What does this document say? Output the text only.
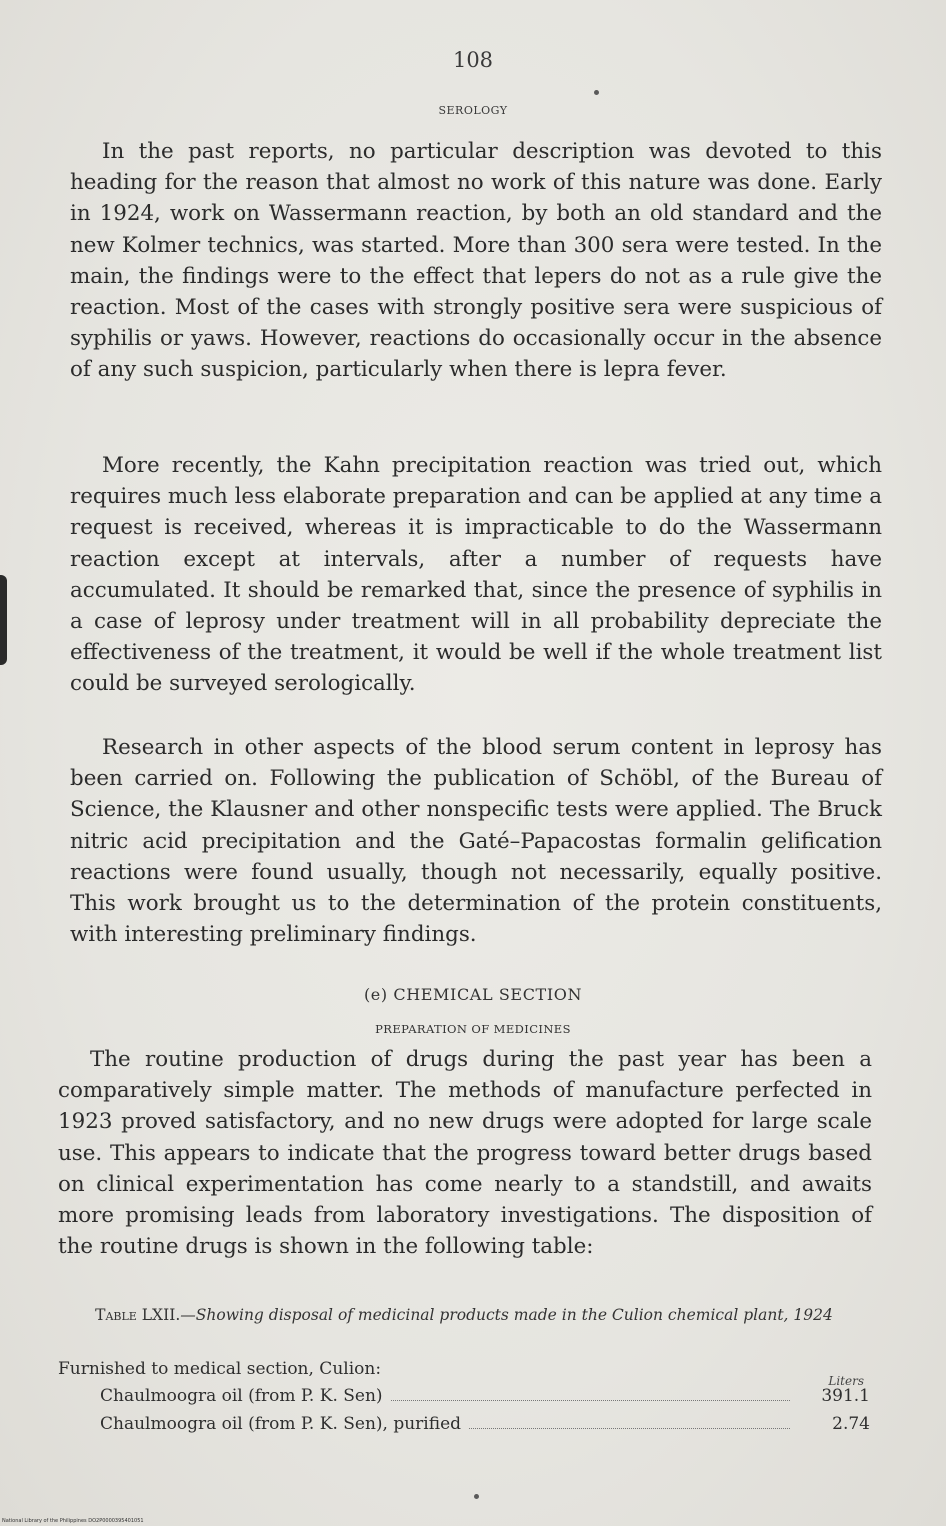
108
SEROLOGY

In the past reports, no particular description was devoted to this heading for the reason that almost no work of this nature was done. Early in 1924, work on Wassermann reaction, by both an old standard and the new Kolmer technics, was started. More than 300 sera were tested. In the main, the findings were to the effect that lepers do not as a rule give the reaction. Most of the cases with strongly positive sera were suspicious of syphilis or yaws. However, reactions do occasionally occur in the absence of any such suspicion, particularly when there is lepra fever.

More recently, the Kahn precipitation reaction was tried out, which requires much less elaborate preparation and can be applied at any time a request is received, whereas it is impracticable to do the Wassermann reaction except at intervals, after a number of requests have accumulated. It should be remarked that, since the presence of syphilis in a case of leprosy under treatment will in all probability depreciate the effectiveness of the treatment, it would be well if the whole treatment list could be surveyed serologically.

Research in other aspects of the blood serum content in leprosy has been carried on. Following the publication of Schöbl, of the Bureau of Science, the Klausner and other nonspecific tests were applied. The Bruck nitric acid precipitation and the Gaté–Papacostas formalin gelification reactions were found usually, though not necessarily, equally positive. This work brought us to the determination of the protein constituents, with interesting preliminary findings.

(e) CHEMICAL SECTION
PREPARATION OF MEDICINES

The routine production of drugs during the past year has been a comparatively simple matter. The methods of manufacture perfected in 1923 proved satisfactory, and no new drugs were adopted for large scale use. This appears to indicate that the progress toward better drugs based on clinical experimentation has come nearly to a standstill, and awaits more promising leads from laboratory investigations. The disposition of the routine drugs is shown in the following table:

Table LXII.—Showing disposal of medicinal products made in the Culion chemical plant, 1924
Furnished to medical section, Culion:
Liters
Chaulmoogra oil (from P. K. Sen)	391.1
Chaulmoogra oil (from P. K. Sen), purified	2.74
National Library of the Philippines DO2P0000395401051
